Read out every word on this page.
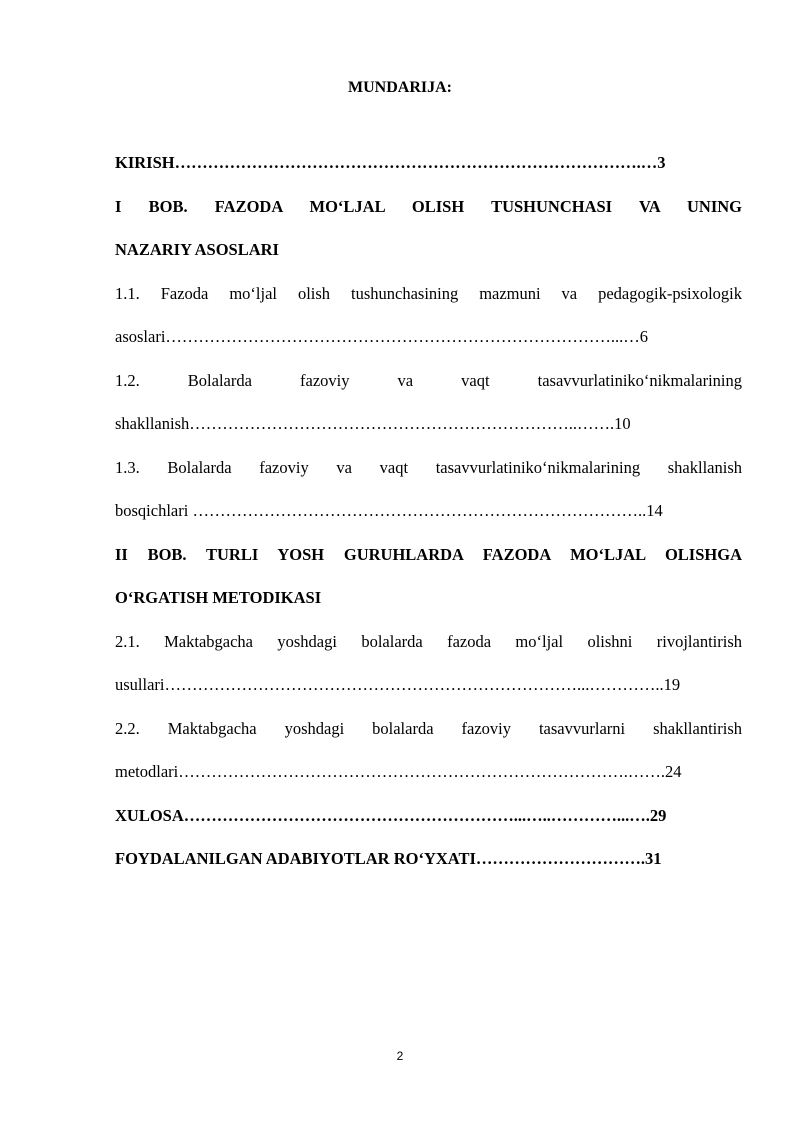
MUNDARIJA:
KIRISH………………………………………………………………………….…3
I BOB. FAZODA MO‘LJAL OLISH TUSHUNCHASI VA UNING
NAZARIY ASOSLARI
1.1. Fazoda mo‘ljal olish tushunchasining mazmuni va pedagogik-psixologik
asoslari………………………………………………………………………...…6
1.2. Bolalarda fazoviy va vaqt tasavvurlatiniko‘nikmalarining
shakllanish……………………………………………………………..…….10
1.3. Bolalarda fazoviy va vaqt tasavvurlatiniko‘nikmalarining shakllanish
bosqichlari ………………………………………………………………………..14
II BOB. TURLI YOSH GURUHLARDA FAZODA MO‘LJAL OLISHGA
O‘RGATISH METODIKASI
2.1. Maktabgacha yoshdagi bolalarda fazoda mo‘ljal olishni rivojlantirish
usullari…………………………………………………………………...…………..19
2.2. Maktabgacha yoshdagi bolalarda fazoviy tasavvurlarni shakllantirish
metodlari……………………………………………………………………….…….24
XULOSA……………………………………………………...…..…………...….29
FOYDALANILGAN ADABIYOTLAR RO‘YXATI………………………….31
2
